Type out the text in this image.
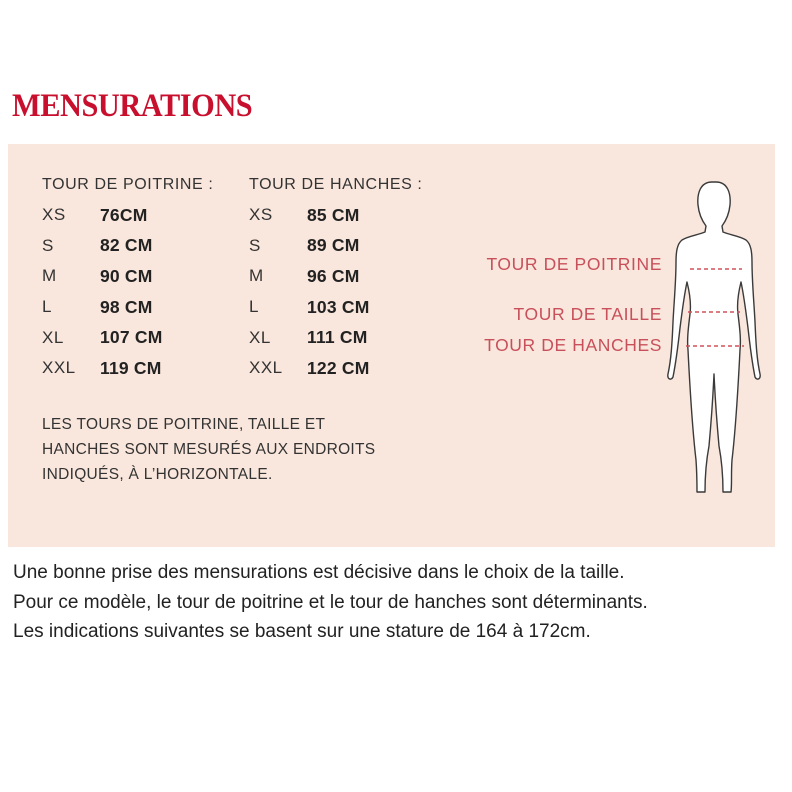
MENSURATIONS
TOUR DE POITRINE :
XS	76CM
S	82 CM
M	90 CM
L	98 CM
XL	107 CM
XXL	119 CM
TOUR DE HANCHES :
XS	85 CM
S	89 CM
M	96 CM
L	103 CM
XL	111 CM
XXL	122 CM
LES TOURS DE POITRINE, TAILLE ET
HANCHES SONT MESURÉS AUX ENDROITS
INDIQUÉS, À L’HORIZONTALE.
TOUR DE POITRINE
TOUR DE TAILLE
TOUR DE HANCHES
Une bonne prise des mensurations est décisive dans le choix de la taille.
Pour ce modèle, le tour de poitrine et le tour de hanches sont déterminants.
Les indications suivantes se basent sur une stature de 164 à 172cm.
